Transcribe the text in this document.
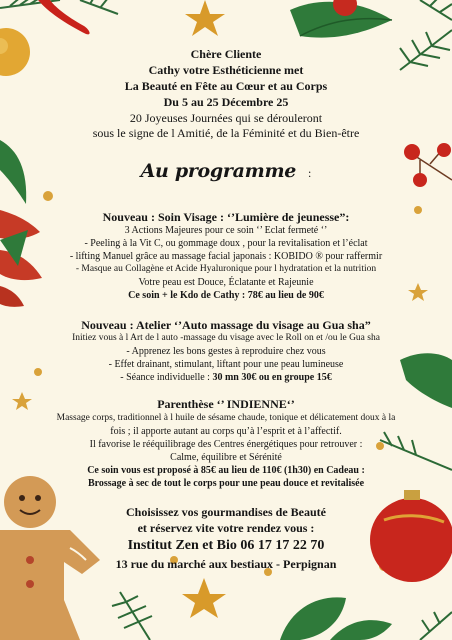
Chère Cliente
Cathy votre Esthéticienne met
La Beauté en Fête au Cœur et au Corps
Du 5 au 25 Décembre 25
20 Joyeuses Journées qui se dérouleront
sous le signe de l Amitié, de la Féminité et du Bien-être
Au programme :
Nouveau : Soin Visage : ‘’Lumière de jeunesse”:
3 Actions Majeures pour ce soin ‘’ Eclat fermeté ‘’
- Peeling à la Vit C, ou gommage doux , pour la revitalisation et l’éclat
- lifting Manuel grâce au massage facial japonais : KOBIDO ® pour raffermir
- Masque au Collagène et Acide Hyaluronique pour l hydratation et la nutrition
Votre peau est Douce, Éclatante et Rajeunie
Ce soin + le Kdo de Cathy : 78€ au lieu de 90€
Nouveau : Atelier ‘’Auto massage du visage au Gua sha”
Initiez vous à l Art de l auto -massage du visage avec le Roll on et /ou le Gua sha
- Apprenez les bons gestes à reproduire chez vous
- Effet drainant, stimulant, liftant pour une peau lumineuse
- Séance individuelle : 30 mn 30€ ou en groupe 15€
Parenthèse ‘’ INDIENNE‘’
Massage corps, traditionnel à l huile de sésame chaude, tonique et délicatement doux à la
fois ; il apporte autant au corps qu’à l’esprit et à l’affectif.
Il favorise le rééquilibrage des Centres énergétiques pour retrouver :
Calme, équilibre et Sérénité
Ce soin vous est proposé à 85€ au lieu de 110€ (1h30) en Cadeau :
Brossage à sec de tout le corps pour une peau douce et revitalisée
Choisissez vos gourmandises de Beauté
et réservez vite votre rendez vous :
Institut Zen et Bio 06 17 17 22 70
13 rue du marché aux bestiaux - Perpignan
